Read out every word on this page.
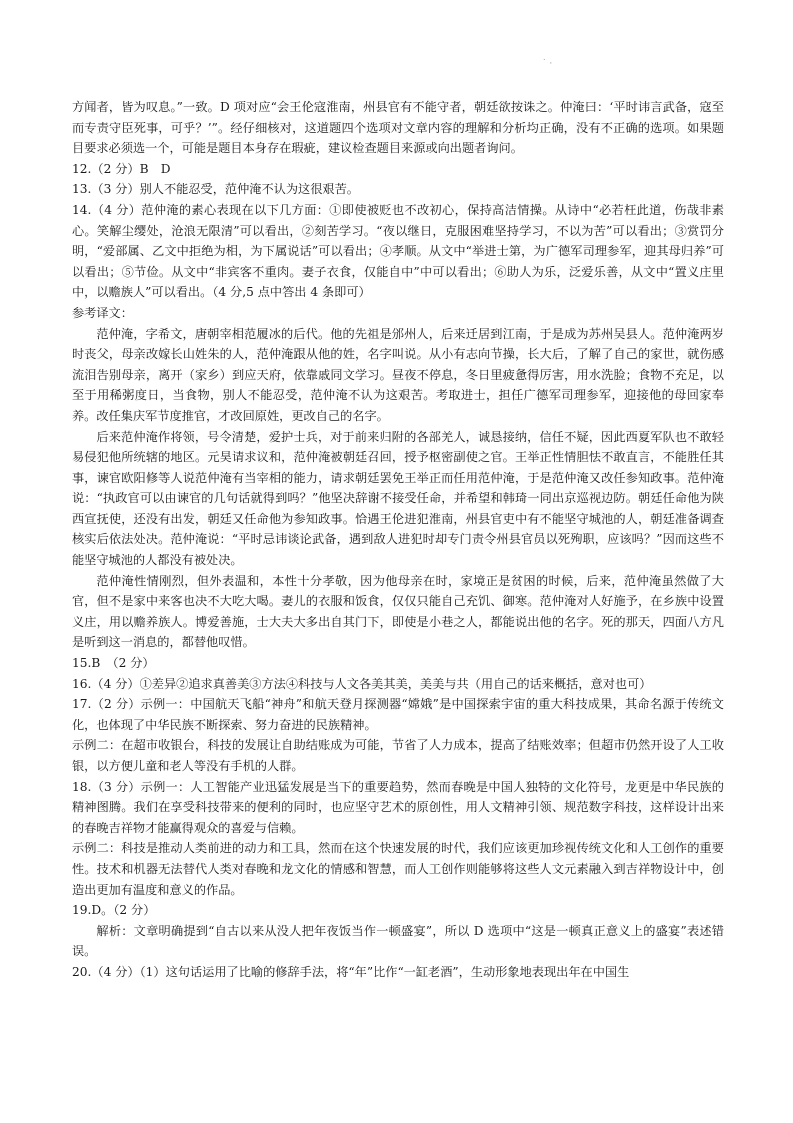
˙ ·

方闻者，皆为叹息。”一致。D 项对应“会王伦寇淮南，州县官有不能守者，朝廷欲按诛之。仲淹曰：‘平时讳言武备，寇至而专责守臣死事，可乎？’”。经仔细核对，这道题四个选项对文章内容的理解和分析均正确，没有不正确的选项。如果题目要求必须选一个，可能是题目本身存在瑕疵，建议检查题目来源或向出题者询问。

12.（2 分）B　D

13.（3 分）别人不能忍受，范仲淹不认为这很艰苦。

14.（4 分）范仲淹的素心表现在以下几方面：①即使被贬也不改初心，保持高洁情操。从诗中“必若枉此道，伤哉非素心。笑解尘缨处，沧浪无限清”可以看出，②刻苦学习。“夜以继日，克服困难坚持学习，不以为苦”可以看出；③赏罚分明，“爱部属、乙文中拒绝为相，为下属说话”可以看出；④孝顺。从文中“举进士第，为广德军司理参军，迎其母归养”可以看出；⑤节俭。从文中“非宾客不重肉。妻子衣食，仅能自中”中可以看出；⑥助人为乐，泛爱乐善，从文中“置义庄里中，以赡族人”可以看出。（4 分,5 点中答出 4 条即可）

参考译文：

范仲淹，字希文，唐朝宰相范履冰的后代。他的先祖是邠州人，后来迁居到江南，于是成为苏州吴县人。范仲淹两岁时丧父，母亲改嫁长山姓朱的人，范仲淹跟从他的姓，名字叫说。从小有志向节操，长大后，了解了自己的家世，就伤感流泪告别母亲，离开（家乡）到应天府，依靠戚同文学习。昼夜不停息，冬日里疲惫得厉害，用水洗脸；食物不充足，以至于用稀粥度日，当食物，别人不能忍受，范仲淹不认为这艰苦。考取进士，担任广德军司理参军，迎接他的母回家奉养。改任集庆军节度推官，才改回原姓，更改自己的名字。

后来范仲淹作将领，号令清楚，爱护士兵，对于前来归附的各部羌人，诚恳接纳，信任不疑，因此西夏军队也不敢轻易侵犯他所统辖的地区。元昊请求议和，范仲淹被朝廷召回，授予枢密副使之官。王举正性情胆怯不敢直言，不能胜任其事，谏官欧阳修等人说范仲淹有当宰相的能力，请求朝廷罢免王举正而任用范仲淹，于是范仲淹又改任参知政事。范仲淹说：“执政官可以由谏官的几句话就得到吗？”他坚决辞谢不接受任命，并希望和韩琦一同出京巡视边防。朝廷任命他为陕西宣抚使，还没有出发，朝廷又任命他为参知政事。恰遇王伦进犯淮南，州县官吏中有不能坚守城池的人，朝廷准备调查核实后依法处决。范仲淹说：“平时忌讳谈论武备，遇到敌人进犯时却专门责令州县官员以死殉职，应该吗？”因而这些不能坚守城池的人都没有被处决。

范仲淹性情刚烈，但外表温和，本性十分孝敬，因为他母亲在时，家境正是贫困的时候，后来，范仲淹虽然做了大官，但不是家中来客也决不大吃大喝。妻儿的衣服和饭食，仅仅只能自己充饥、御寒。范仲淹对人好施予，在乡族中设置义庄，用以赡养族人。博爱善施，士大夫大多出自其门下，即使是小巷之人，都能说出他的名字。死的那天，四面八方凡是听到这一消息的，都替他叹惜。

15.B　（2 分）

16.（4 分）①差异②追求真善美③方法④科技与人文各美其美，美美与共（用自己的话来概括，意对也可）

17.（2 分）示例一：中国航天飞船“神舟”和航天登月探测器“嫦娥”是中国探索宇宙的重大科技成果，其命名源于传统文化，也体现了中华民族不断探索、努力奋进的民族精神。

示例二：在超市收银台，科技的发展让自助结账成为可能，节省了人力成本，提高了结账效率；但超市仍然开设了人工收银，以方便儿童和老人等没有手机的人群。

18.（3 分）示例一：人工智能产业迅猛发展是当下的重要趋势，然而春晚是中国人独特的文化符号，龙更是中华民族的精神图腾。我们在享受科技带来的便利的同时，也应坚守艺术的原创性，用人文精神引领、规范数字科技，这样设计出来的春晚吉祥物才能赢得观众的喜爱与信赖。

示例二：科技是推动人类前进的动力和工具，然而在这个快速发展的时代，我们应该更加珍视传统文化和人工创作的重要性。技术和机器无法替代人类对春晚和龙文化的情感和智慧，而人工创作则能够将这些人文元素融入到吉祥物设计中，创造出更加有温度和意义的作品。

19.D。（2 分）

解析：文章明确提到“自古以来从没人把年夜饭当作一顿盛宴”，所以 D 选项中“这是一顿真正意义上的盛宴”表述错误。

20.（4 分）（1）这句话运用了比喻的修辞手法，将“年”比作“一缸老酒”，生动形象地表现出年在中国生
